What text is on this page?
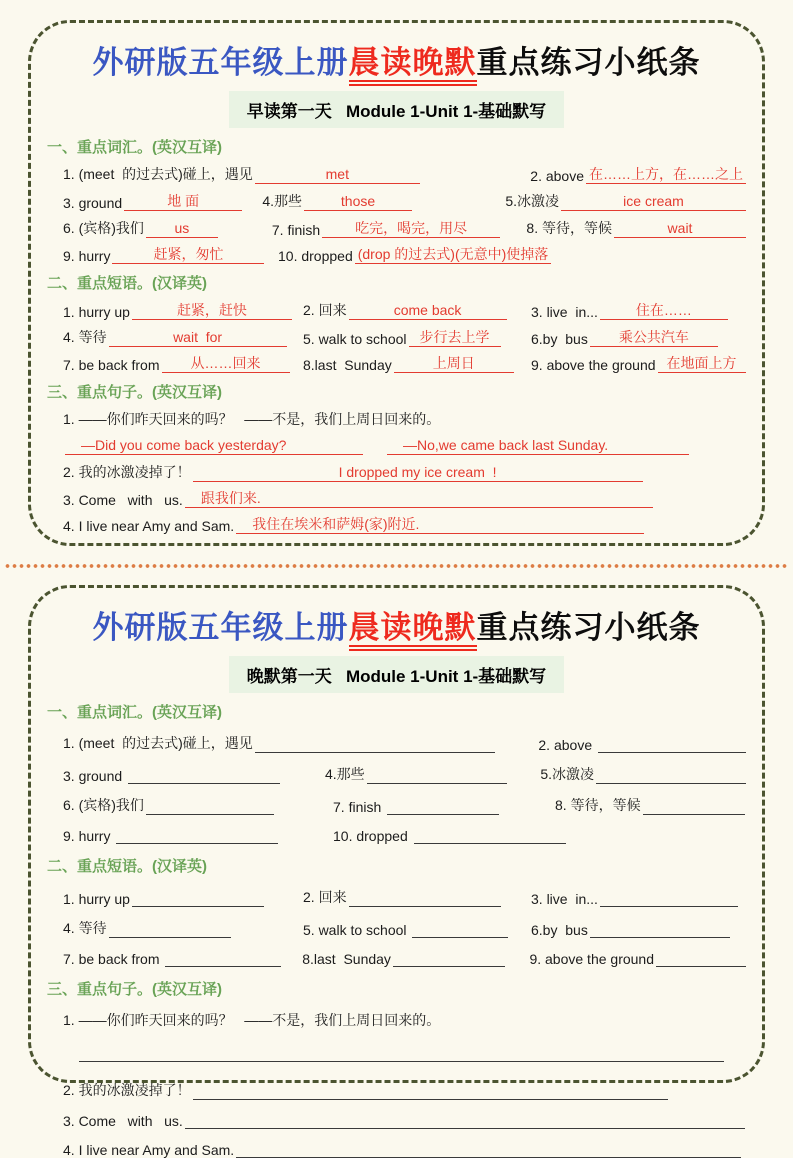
外研版五年级上册晨读晚默重点练习小纸条
早读第一天   Module 1-Unit 1-基础默写
一、重点词汇。(英汉互译)
1. (meet  的过去式)碰上，遇见	met	2. above 在……上方，在……之上
3. ground	地 面	4.那些	those	5.冰激凌	ice cream
6. (宾格)我们	us	7. finish	吃完，喝完，用尽	8. 等待，等候	wait
9. hurry	赶紧，匆忙	10. dropped (drop 的过去式)(无意中)使掉落
二、重点短语。(汉译英)
1. hurry up	赶紧，赶快	2. 回来	come back	3. live  in...	住在……
4. 等待	wait  for	5. walk to school 步行去上学	6.by  bus	乘公共汽车
7. be back from	从……回来	8.last  Sunday	上周日	9. above the ground 在地面上方
三、重点句子。(英汉互译)
1. ——你们昨天回来的吗？   ——不是，我们上周日回来的。
—Did you come back yesterday?	—No,we came back last Sunday.
2. 我的冰激凌掉了！	I dropped my ice cream  !
3. Come   with   us.	跟我们来.
4. I live near Amy and Sam.	我住在埃米和萨姆(家)附近.
外研版五年级上册晨读晚默重点练习小纸条
晚默第一天   Module 1-Unit 1-基础默写
一、重点词汇。(英汉互译)
1. (meet  的过去式)碰上，遇见	2. above
3. ground	4.那些	5.冰激凌
6. (宾格)我们	7. finish	8. 等待，等候
9. hurry	10. dropped
二、重点短语。(汉译英)
1. hurry up	2. 回来	3. live  in...
4. 等待	5. walk to school	6.by  bus
7. be back from	8.last  Sunday	9. above the ground
三、重点句子。(英汉互译)
1. ——你们昨天回来的吗？   ——不是，我们上周日回来的。
2. 我的冰激凌掉了！
3. Come   with   us.
4. I live near Amy and Sam.
